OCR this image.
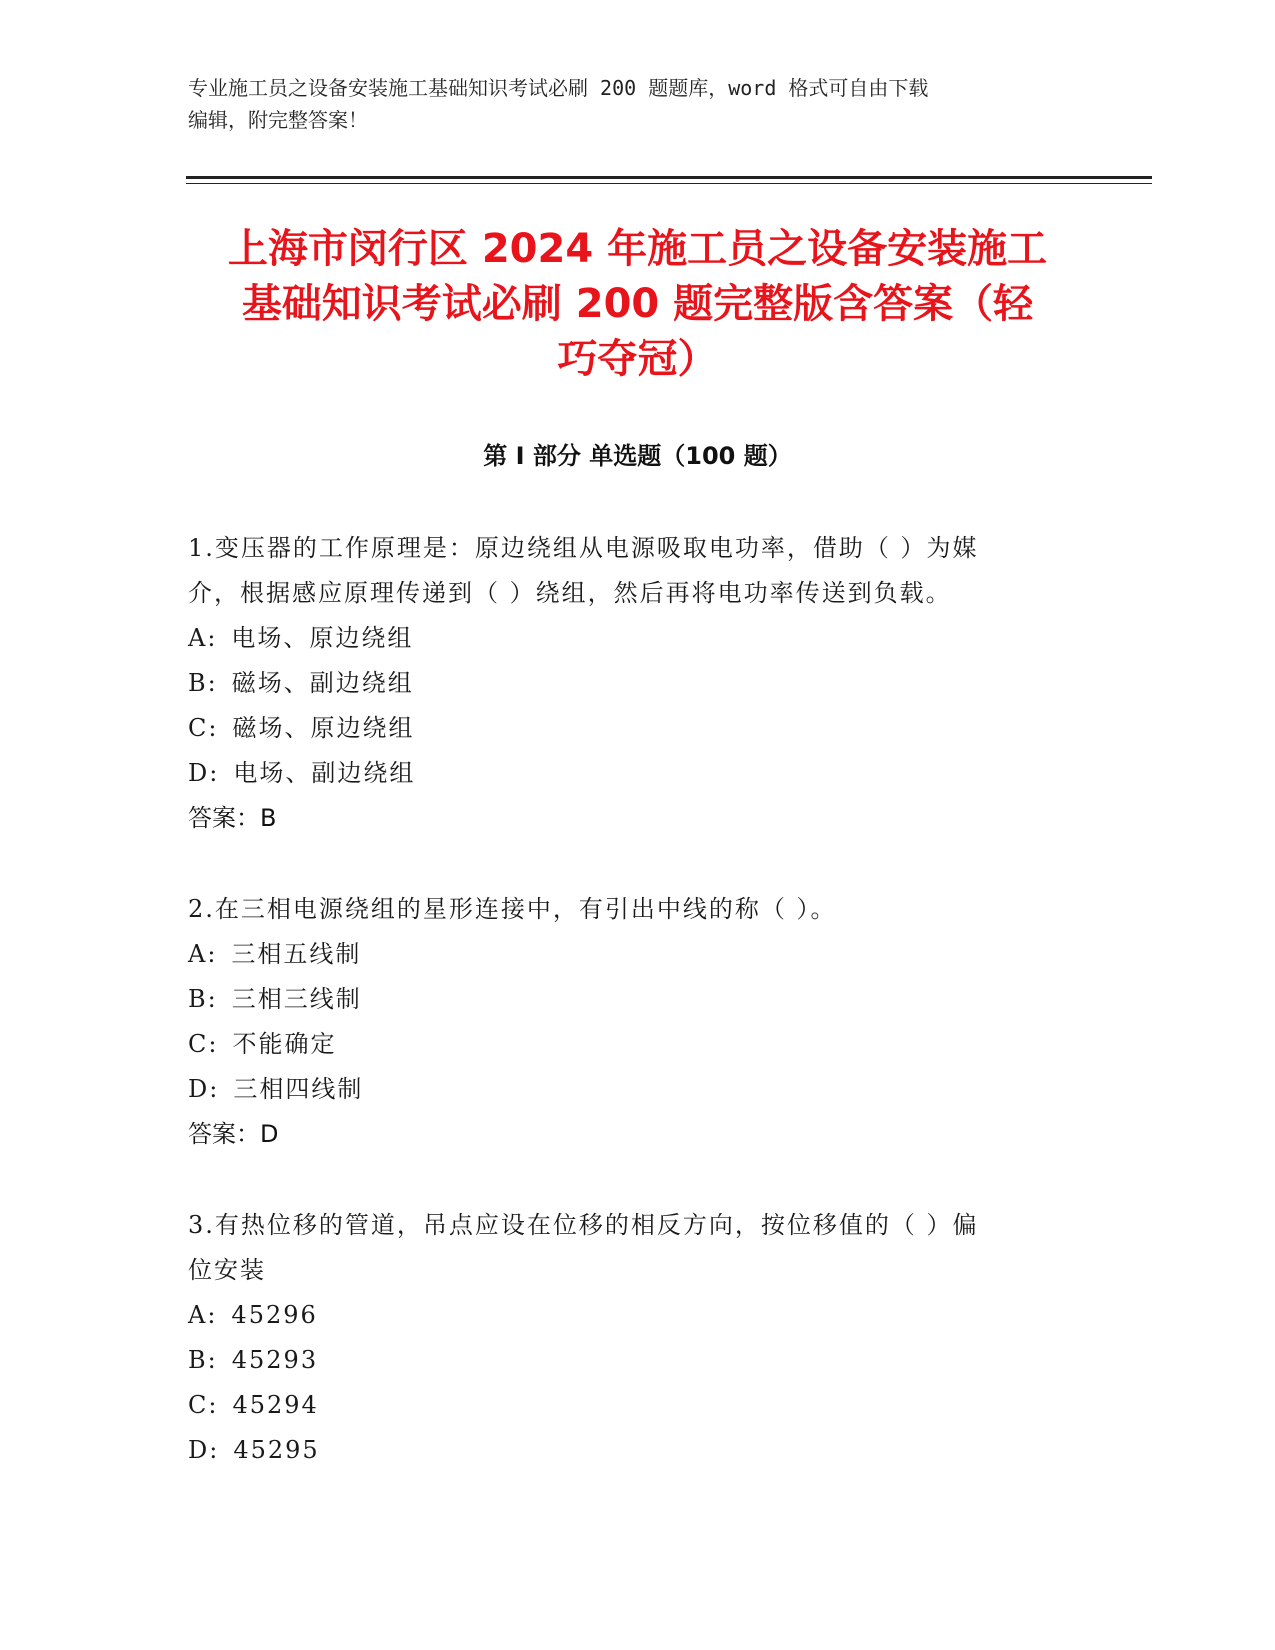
专业施工员之设备安装施工基础知识考试必刷 200 题题库，word 格式可自由下载
编辑，附完整答案！
上海市闵行区 2024 年施工员之设备安装施工
基础知识考试必刷 200 题完整版含答案（轻
巧夺冠）
第 I 部分 单选题（100 题）

1.变压器的工作原理是：原边绕组从电源吸取电功率，借助（ ）为媒

介，根据感应原理传递到（ ）绕组，然后再将电功率传送到负载。

A: 电场、原边绕组

B: 磁场、副边绕组

C: 磁场、原边绕组

D: 电场、副边绕组

答案：B

2.在三相电源绕组的星形连接中，有引出中线的称（ ）。

A: 三相五线制

B: 三相三线制

C: 不能确定

D: 三相四线制

答案：D

3.有热位移的管道，吊点应设在位移的相反方向，按位移值的（ ）偏

位安装

A: 45296

B: 45293

C: 45294

D: 45295
